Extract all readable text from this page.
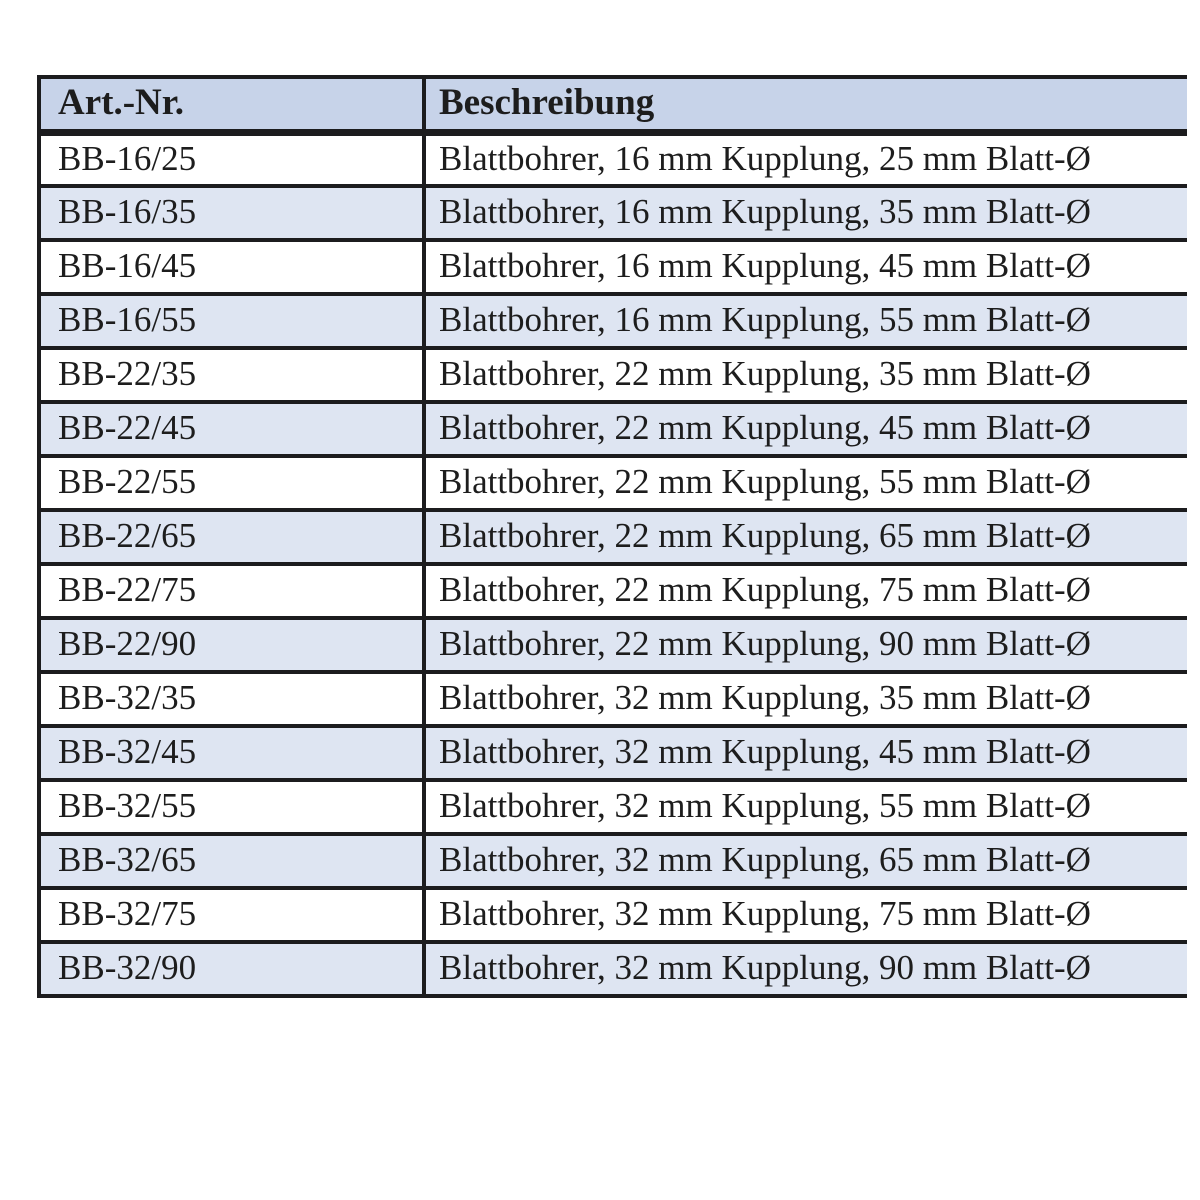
Art.-Nr.	Beschreibung
BB-16/25	Blattbohrer, 16 mm Kupplung, 25 mm Blatt-Ø
BB-16/35	Blattbohrer, 16 mm Kupplung, 35 mm Blatt-Ø
BB-16/45	Blattbohrer, 16 mm Kupplung, 45 mm Blatt-Ø
BB-16/55	Blattbohrer, 16 mm Kupplung, 55 mm Blatt-Ø
BB-22/35	Blattbohrer, 22 mm Kupplung, 35 mm Blatt-Ø
BB-22/45	Blattbohrer, 22 mm Kupplung, 45 mm Blatt-Ø
BB-22/55	Blattbohrer, 22 mm Kupplung, 55 mm Blatt-Ø
BB-22/65	Blattbohrer, 22 mm Kupplung, 65 mm Blatt-Ø
BB-22/75	Blattbohrer, 22 mm Kupplung, 75 mm Blatt-Ø
BB-22/90	Blattbohrer, 22 mm Kupplung, 90 mm Blatt-Ø
BB-32/35	Blattbohrer, 32 mm Kupplung, 35 mm Blatt-Ø
BB-32/45	Blattbohrer, 32 mm Kupplung, 45 mm Blatt-Ø
BB-32/55	Blattbohrer, 32 mm Kupplung, 55 mm Blatt-Ø
BB-32/65	Blattbohrer, 32 mm Kupplung, 65 mm Blatt-Ø
BB-32/75	Blattbohrer, 32 mm Kupplung, 75 mm Blatt-Ø
BB-32/90	Blattbohrer, 32 mm Kupplung, 90 mm Blatt-Ø
